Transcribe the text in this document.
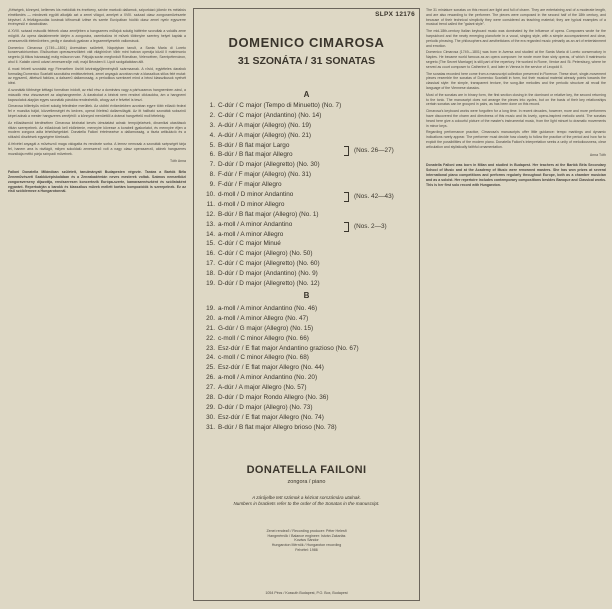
„Kétségek, könnyed, kellemes kis melódiák és érzékeny, szívbe markoló dallamok, sziporkázó jókedv és mélabús elmélkedés — mindezek együtt alkotják azt a zenei világot, amelyet a XVIII. század olasz zongoraművészete képvisel. A felvilágosodás korának kifinomult ízlése és szerte Európában hódító olasz zenei nyelv egyszerre érvényesül e darabokban.

A XVIII. század második felének olasz zenéjében a hangszeres műfajok sokáig háttérbe szorultak a vokális zene mögött. Az opera diadalmenete idején a zongorára, csembalóra írt művek többnyire szerény helyet kaptak a zeneszerzők életművében, pedig e darabok gyakran a legszemélyesebb vallomások.

Domenico Cimarosa (1749—1801) Aversában született, Nápolyban tanult, a Santa Maria di Loreto konzervatóriumban. Elsősorban operaszerzőként vált világhírűvé: több mint hatvan operája közül Il matrimonio segreto (A titkos házasság) máig műsoron van. Pályája során megfordult Rómában, Velencében, Szentpéterváron, ahol II. Katalin cárnő udvari zeneszerzője volt, majd Bécsben II. Lipót szolgálatában állt.

A most felvett szonáták egy Firenzében őrzött kéziratgyűjteményből származnak. A rövid, egytételes darabok formailag Domenico Scarlatti szonátáira emlékeztetnek, zenei anyaguk azonban már a klasszikus stílus felé mutat: az egyszerű, áttetsző faktúra, a dalszerű dallamosság, a periodikus szerkezet mind a bécsi klasszikusok nyelvét idézi.

A szonáták többsége kéttagú formában íródott, az első rész a domináns vagy a párhuzamos hangnemben zárul, a második rész visszavezet az alaphangnembe. A darabokat a kézirat nem rendezi ciklusokba, ám a hangnemi kapcsolatok alapján egyes szonáták párokba rendezhetők, ahogy azt e felvétel is teszi.

Cimarosa billentyűs művei sokáig feledésbe merültek. Az utóbbi évtizedekben azonban egyre több előadó fedezi fel e muzsika báját, közvetlenségét és kedves, operai ihletésű dallamvilágát. Az itt hallható szonáták sokszínű képet adnak a mester hangszeres zenéjéről: a könnyed menüettől a drámai hangvételű moll tételekig.

Az előadásmód kérdésében Cimarosa kéziratai kevés útmutatást adnak: tempójelzések, dinamikai utasítások ritkán szerepelnek. Az előadónak kell eldöntenie, mennyire kövesse a korabeli gyakorlatot, és mennyire éljen a modern zongora adta lehetőségekkel. Donatella Failoni értelmezése a dallamosság, a tiszta artikuláció és a stílushű díszítések egységére törekszik.

A felvétel anyagát a művésznő maga válogatta és rendezte sorba. A lemez nemcsak a szonáták szépségét tárja fel, hanem arra is rávilágít, milyen sokoldalú zeneszerző volt a nagy olasz operaszerző, akinek hangszeres muzsikája méltó párja színpadi műveinek.

Tóth Anna

Failoni Donatella Milánóban született, tanulmányait Budapesten végezte. Tanára a Bartók Béla Zeneművészeti Szakközépiskolában és a Zeneakadémián neves mesterek voltak. Számos nemzetközi zongoraverseny díjazottja, rendszeresen koncertezik Európa-szerte, kamarazenészként és szólistaként egyaránt. Repertoárján a barokk és klasszikus művek mellett kortárs kompozíciók is szerepelnek. Ez az első szólólemeze a Hungarotonnál.

SLPX 12176
DOMENICO CIMAROSA
31 SZONÁTA / 31 SONATAS
A
1. C-dúr / C major (Tempo di Minuetto) (No. 7)
2. C-dúr / C major (Andantino) (No. 14)
3. A-dúr / A major (Allegro) (No. 19)
4. A-dúr / A major (Allegro) (No. 21)
5. B-dúr / B flat major Largo
6. B-dúr / B flat major Allegro
7. D-dúr / D major (Allegretto) (No. 30)
8. F-dúr / F major (Allegro) (No. 31)
9. F-dúr / F major Allegro
10. d-moll / D minor Andantino
11. d-moll / D minor Allegro
12. B-dúr / B flat major (Allegro) (No. 1)
13. a-moll / A minor Andantino
14. a-moll / A minor Allegro
15. C-dúr / C major Minué
16. C-dúr / C major (Allegro) (No. 50)
17. C-dúr / C major (Allegretto) (No. 60)
18. D-dúr / D major (Andantino) (No. 9)
19. D-dúr / D major (Allegretto) (No. 12)
(Nos. 26—27)
(Nos. 42—43)
(Nos. 2—3)
B
19. a-moll / A minor Andantino (No. 46)
20. a-moll / A minor Allegro (No. 47)
21. G-dúr / G major (Allegro) (No. 15)
22. c-moll / C minor Allegro (No. 66)
23. Esz-dúr / E flat major Andantino grazioso (No. 67)
24. c-moll / C minor Allegro (No. 68)
25. Esz-dúr / E flat major Allegro (No. 44)
26. a-moll / A minor Andantino (No. 20)
27. A-dúr / A major Allegro (No. 57)
28. D-dúr / D major Rondo Allegro (No. 36)
29. D-dúr / D major (Allegro) (No. 73)
30. Esz-dúr / E flat major Allegro (No. 74)
31. B-dúr / B flat major Allegro brioso (No. 78)
DONATELLA FAILONI
zongora / piano
A zárójelbe tett számok a kézirat sorszámára utalnak.
Numbers in brackets refer to the order of the Sonatas in the manuscript.
Zenei rendező / Recording producer: Péter Helesfi
Hangmérnök / Balance engineer: István Zakariás
Kovács Sándor
Hungaroton Mérnök / Hungaroton recording
Felvétel: 1986
1054 Pécs / Kossuth Budapest, P.O. Box, Budapest

The 31 miniature sonatas on this record are light and full of charm. They are entertaining and of a moderate length, and are also rewarding to the performer. The pieces were composed in the second half of the 18th century, and because of their technical simplicity they were considered as teaching material; they are typical examples of a musical trend called the "galant style".

The mid-18th-century Italian keyboard music was dominated by the influence of opera. Composers wrote for the harpsichord and the newly emerging pianoforte in a vocal, singing style, with a simple accompaniment and clear, periodic phrasing. The philosophers and aestheticians of the era regarded music primarily as an art of entertainment and emotion.

Domenico Cimarosa (1749—1801) was born in Aversa and studied at the Santa Maria di Loreto conservatory in Naples. He became world famous as an opera composer: he wrote more than sixty operas, of which Il matrimonio segreto (The Secret Marriage) is still part of the repertory. He worked in Rome, Venice and St. Petersburg, where he served as court composer to Catherine II, and later in Vienna in the service of Leopold II.

The sonatas recorded here come from a manuscript collection preserved in Florence. These short, single-movement pieces resemble the sonatas of Domenico Scarlatti in form, but their musical material already points towards the classical style: the simple, transparent texture, the song-like melodies and the periodic structure all recall the language of the Viennese classics.

Most of the sonatas are in binary form, the first section closing in the dominant or relative key, the second returning to the tonic. The manuscript does not arrange the pieces into cycles, but on the basis of their key relationships certain sonatas can be grouped in pairs, as has been done on this record.

Cimarosa's keyboard works were forgotten for a long time. In recent decades, however, more and more performers have discovered the charm and directness of this music and its lovely, opera-inspired melodic world. The sonatas heard here give a colourful picture of the master's instrumental music, from the light minuet to dramatic movements in minor keys.

Regarding performance practice, Cimarosa's manuscripts offer little guidance: tempo markings and dynamic indications rarely appear. The performer must decide how closely to follow the practice of the period and how far to exploit the possibilities of the modern piano. Donatella Failoni's interpretation seeks a unity of melodiousness, clear articulation and stylistically faithful ornamentation.

Anna Tóth

Donatella Failoni was born in Milan and studied in Budapest. Her teachers at the Bartók Béla Secondary School of Music and at the Academy of Music were renowned masters. She has won prizes at several international piano competitions and performs regularly throughout Europe, both as a chamber musician and as a soloist. Her repertoire includes contemporary compositions besides Baroque and Classical works. This is her first solo record with Hungaroton.
